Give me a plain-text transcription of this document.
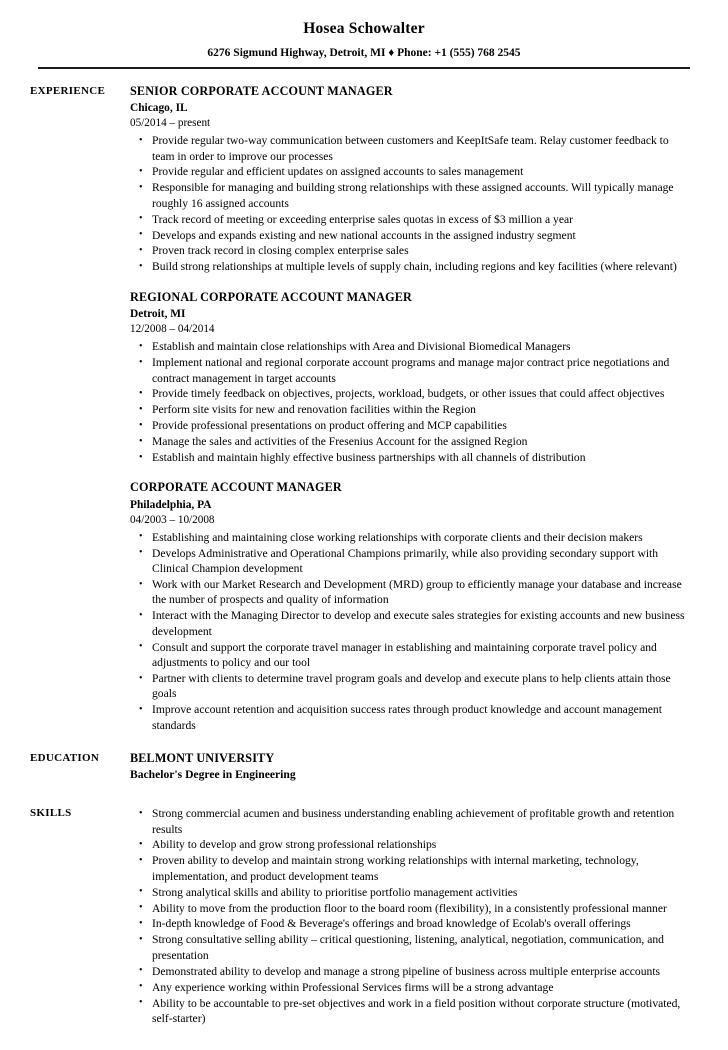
Hosea Schowalter
6276 Sigmund Highway, Detroit, MI ♦ Phone: +1 (555) 768 2545
EXPERIENCE	SENIOR CORPORATE ACCOUNT MANAGER
Chicago, IL
05/2014 – present
• Provide regular two-way communication between customers and KeepItSafe team. Relay customer feedback to team in order to improve our processes
• Provide regular and efficient updates on assigned accounts to sales management
• Responsible for managing and building strong relationships with these assigned accounts. Will typically manage roughly 16 assigned accounts
• Track record of meeting or exceeding enterprise sales quotas in excess of $3 million a year
• Develops and expands existing and new national accounts in the assigned industry segment
• Proven track record in closing complex enterprise sales
• Build strong relationships at multiple levels of supply chain, including regions and key facilities (where relevant)
REGIONAL CORPORATE ACCOUNT MANAGER
Detroit, MI
12/2008 – 04/2014
• Establish and maintain close relationships with Area and Divisional Biomedical Managers
• Implement national and regional corporate account programs and manage major contract price negotiations and contract management in target accounts
• Provide timely feedback on objectives, projects, workload, budgets, or other issues that could affect objectives
• Perform site visits for new and renovation facilities within the Region
• Provide professional presentations on product offering and MCP capabilities
• Manage the sales and activities of the Fresenius Account for the assigned Region
• Establish and maintain highly effective business partnerships with all channels of distribution
CORPORATE ACCOUNT MANAGER
Philadelphia, PA
04/2003 – 10/2008
• Establishing and maintaining close working relationships with corporate clients and their decision makers
• Develops Administrative and Operational Champions primarily, while also providing secondary support with Clinical Champion development
• Work with our Market Research and Development (MRD) group to efficiently manage your database and increase the number of prospects and quality of information
• Interact with the Managing Director to develop and execute sales strategies for existing accounts and new business development
• Consult and support the corporate travel manager in establishing and maintaining corporate travel policy and adjustments to policy and our tool
• Partner with clients to determine travel program goals and develop and execute plans to help clients attain those goals
• Improve account retention and acquisition success rates through product knowledge and account management standards
EDUCATION	BELMONT UNIVERSITY
Bachelor's Degree in Engineering
SKILLS	• Strong commercial acumen and business understanding enabling achievement of profitable growth and retention results
• Ability to develop and grow strong professional relationships
• Proven ability to develop and maintain strong working relationships with internal marketing, technology, implementation, and product development teams
• Strong analytical skills and ability to prioritise portfolio management activities
• Ability to move from the production floor to the board room (flexibility), in a consistently professional manner
• In-depth knowledge of Food & Beverage's offerings and broad knowledge of Ecolab's overall offerings
• Strong consultative selling ability – critical questioning, listening, analytical, negotiation, communication, and presentation
• Demonstrated ability to develop and manage a strong pipeline of business across multiple enterprise accounts
• Any experience working within Professional Services firms will be a strong advantage
• Ability to be accountable to pre-set objectives and work in a field position without corporate structure (motivated, self-starter)
